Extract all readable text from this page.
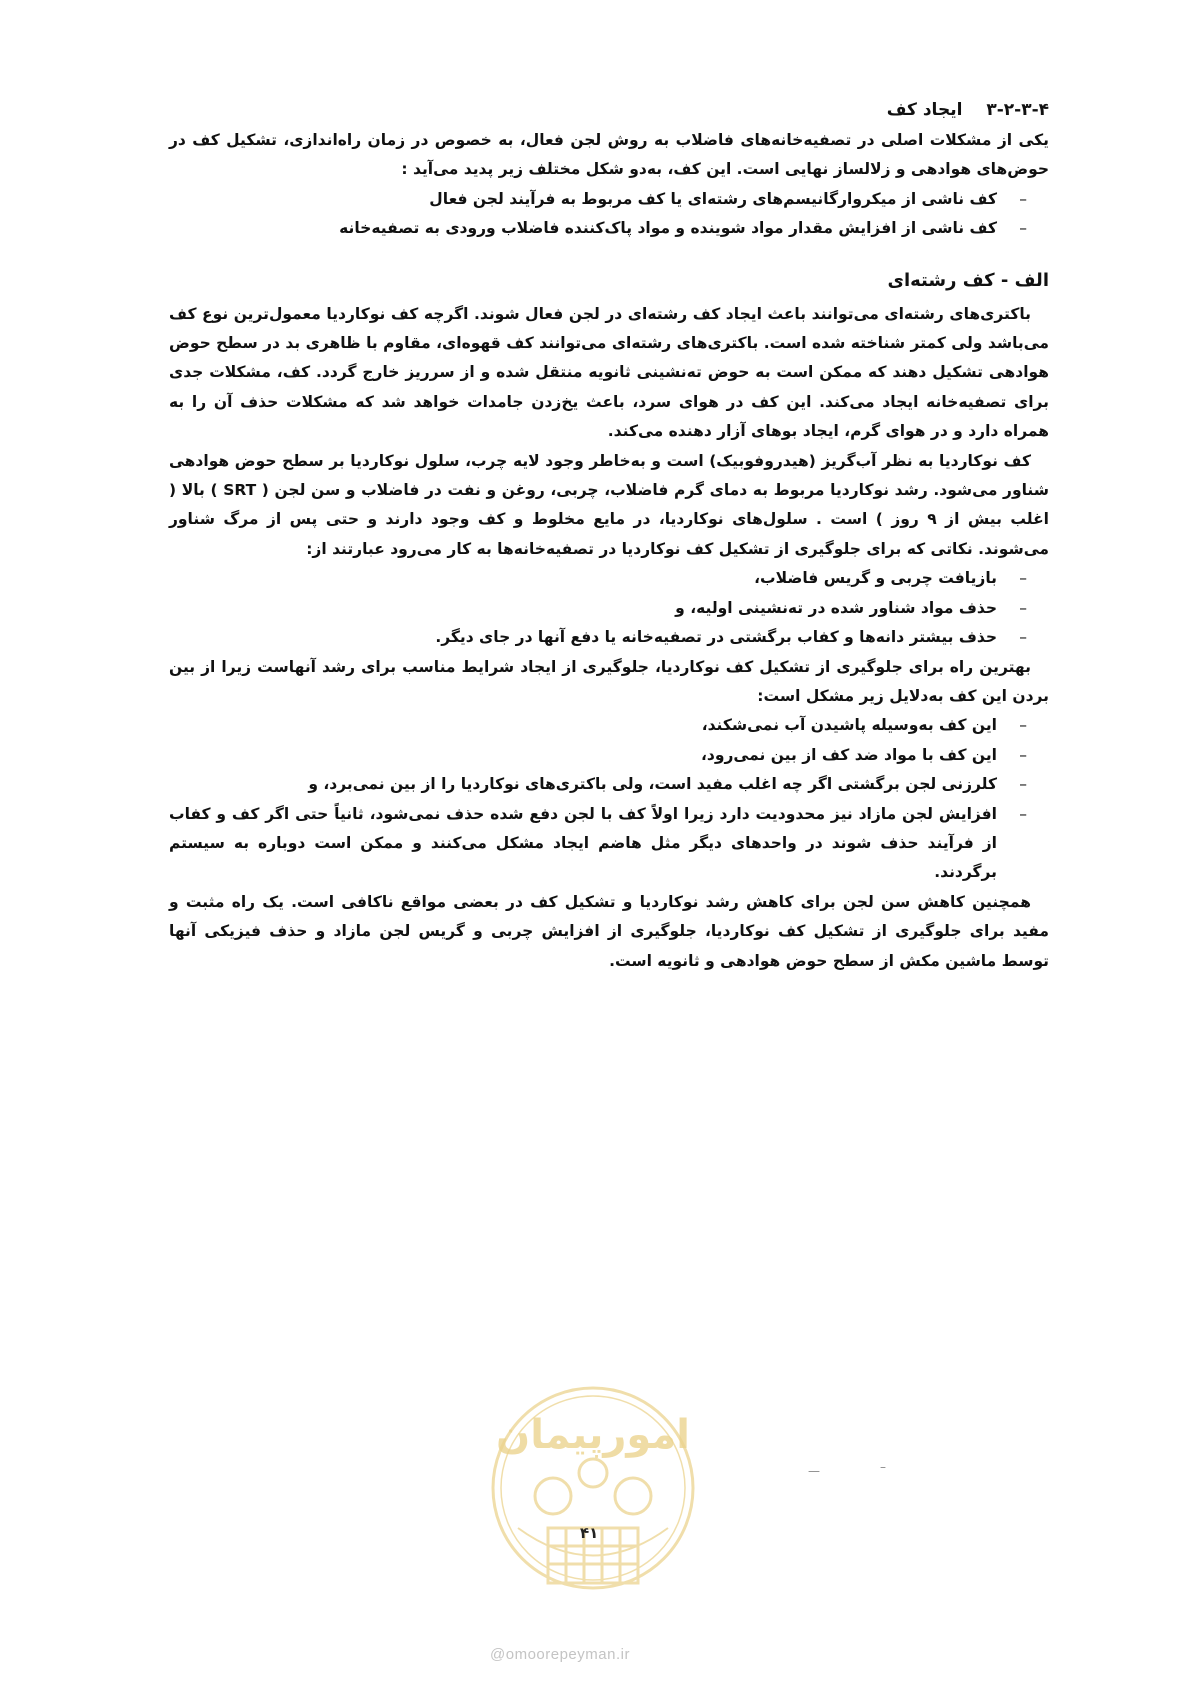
۳-۲-۳-۴ ایجاد کف

یکی از مشکلات اصلی در تصفیه‌خانه‌های فاضلاب به روش لجن فعال، به خصوص در زمان راه‌اندازی، تشکیل کف در حوض‌های هوادهی و زلالساز نهایی است. این کف، به‌دو شکل مختلف زیر پدید می‌آید :

–
کف ناشی از میکروارگانیسم‌های رشته‌ای یا کف مربوط به فرآیند لجن فعال
–
کف ناشی از افزایش مقدار مواد شوینده و مواد پاک‌کننده فاضلاب ورودی به تصفیه‌خانه
الف - کف رشته‌ای

باکتری‌های رشته‌ای می‌توانند باعث ایجاد کف رشته‌ای در لجن فعال شوند. اگرچه کف نوکاردیا معمول‌ترین نوع کف می‌باشد ولی کمتر شناخته شده است. باکتری‌های رشته‌ای می‌توانند کف قهوه‌ای، مقاوم با ظاهری بد در سطح حوض هوادهی تشکیل دهند که ممکن است به حوض ته‌نشینی ثانویه منتقل شده و از سرریز خارج گردد. کف، مشکلات جدی برای تصفیه‌خانه ایجاد می‌کند. این کف در هوای سرد، باعث یخ‌زدن جامدات خواهد شد که مشکلات حذف آن را به همراه دارد و در هوای گرم، ایجاد بوهای آزار دهنده می‌کند.

کف نوکاردیا به نظر آب‌گریز (هیدروفوبیک) است و به‌خاطر وجود لایه چرب، سلول نوکاردیا بر سطح حوض هوادهی شناور می‌شود. رشد نوکاردیا مربوط به دمای گرم فاضلاب، چربی، روغن و نفت در فاضلاب و سن لجن ( SRT ) بالا ( اغلب بیش از ۹ روز ) است . سلول‌های نوکاردیا، در مایع مخلوط و کف وجود دارند و حتی پس از مرگ شناور می‌شوند. نکاتی که برای جلوگیری از تشکیل کف نوکاردیا در تصفیه‌خانه‌ها به کار می‌رود عبارتند از:

–
بازیافت چربی و گریس فاضلاب،
–
حذف مواد شناور شده در ته‌نشینی اولیه، و
–
حذف بیشتر دانه‌ها و کفاب برگشتی در تصفیه‌خانه یا دفع آنها در جای دیگر.

بهترین راه برای جلوگیری از تشکیل کف نوکاردیا، جلوگیری از ایجاد شرایط مناسب برای رشد آنهاست زیرا از بین بردن این کف به‌دلایل زیر مشکل است:

–
این کف به‌وسیله پاشیدن آب نمی‌شکند،
–
این کف با مواد ضد کف از بین نمی‌رود،
–
کلرزنی لجن برگشتی اگر چه اغلب مفید است، ولی باکتری‌های نوکاردیا را از بین نمی‌برد، و
–
افزایش لجن مازاد نیز محدودیت دارد زیرا اولاً کف با لجن دفع شده حذف نمی‌شود، ثانیاً حتی اگر کف و کفاب از فرآیند حذف شوند در واحدهای دیگر مثل هاضم ایجاد مشکل می‌کنند و ممکن است دوباره به سیستم برگردند.

همچنین کاهش سن لجن برای کاهش رشد نوکاردیا و تشکیل کف در بعضی مواقع ناکافی است. یک راه مثبت و مفید برای جلوگیری از تشکیل کف نوکاردیا، جلوگیری از افزایش چربی و گریس لجن مازاد و حذف فیزیکی آنها توسط ماشین مکش از سطح حوض هوادهی و ثانویه است.

امورپیمان
۴۱
@omoorepeyman.ir
—	–
